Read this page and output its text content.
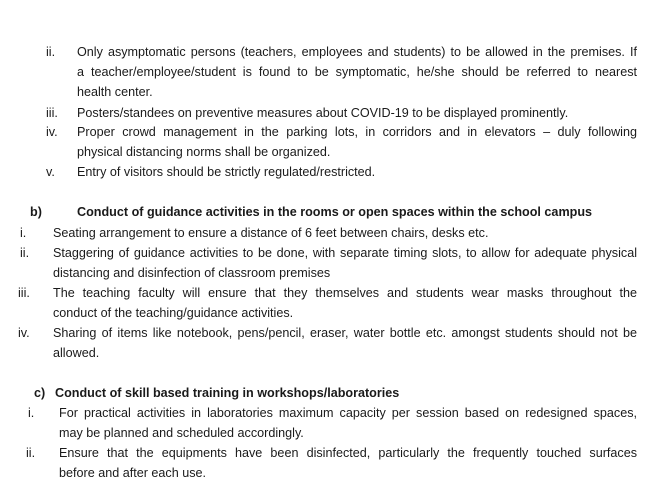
ii. Only asymptomatic persons (teachers, employees and students) to be allowed in the premises. If
a teacher/employee/student is found to be symptomatic, he/she should be referred to nearest
health center.
iii. Posters/standees on preventive measures about COVID-19 to be displayed prominently.
iv. Proper crowd management in the parking lots, in corridors and in elevators – duly following
physical distancing norms shall be organized.
v. Entry of visitors should be strictly regulated/restricted.
b)	Conduct of guidance activities in the rooms or open spaces within the school campus
i. Seating arrangement to ensure a distance of 6 feet between chairs, desks etc.
ii. Staggering of guidance activities to be done, with separate timing slots, to allow for adequate physical
distancing and disinfection of classroom premises
iii. The teaching faculty will ensure that they themselves and students wear masks throughout the
conduct of the teaching/guidance activities.
iv. Sharing of items like notebook, pens/pencil, eraser, water bottle etc. amongst students should not be
allowed.
c) Conduct of skill based training in workshops/laboratories
i. For practical activities in laboratories maximum capacity per session based on redesigned spaces,
may be planned and scheduled accordingly.
ii. Ensure that the equipments have been disinfected, particularly the frequently touched surfaces
before and after each use.
